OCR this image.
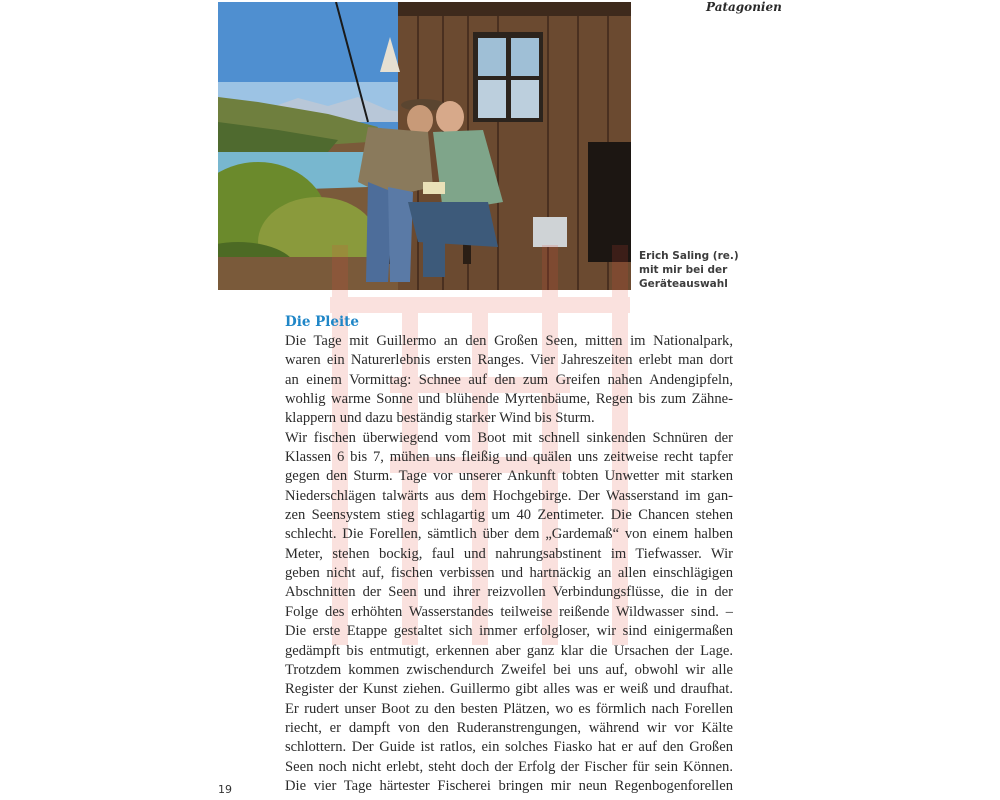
Patagonien
Erich Saling (re.)
mit mir bei der
Geräteauswahl
Die Pleite
Die Tage mit Guillermo an den Großen Seen, mitten im Nationalpark,
waren ein Naturerlebnis ersten Ranges. Vier Jahreszeiten erlebt man dort
an einem Vormittag: Schnee auf den zum Greifen nahen Andengipfeln,
wohlig warme Sonne und blühende Myrtenbäume, Regen bis zum Zähne-
klappern und dazu beständig starker Wind bis Sturm.
Wir fischen überwiegend vom Boot mit schnell sinkenden Schnüren der
Klassen 6 bis 7, mühen uns fleißig und quälen uns zeitweise recht tapfer
gegen den Sturm. Tage vor unserer Ankunft tobten Unwetter mit starken
Niederschlägen talwärts aus dem Hochgebirge. Der Wasserstand im gan-
zen Seensystem stieg schlagartig um 40 Zentimeter. Die Chancen stehen
schlecht. Die Forellen, sämtlich über dem „Gardemaß“ von einem halben
Meter, stehen bockig, faul und nahrungsabstinent im Tiefwasser. Wir
geben nicht auf, fischen verbissen und hartnäckig an allen einschlägigen
Abschnitten der Seen und ihrer reizvollen Verbindungsflüsse, die in der
Folge des erhöhten Wasserstandes teilweise reißende Wildwasser sind. –
Die erste Etappe gestaltet sich immer erfolgloser, wir sind einigermaßen
gedämpft bis entmutigt, erkennen aber ganz klar die Ursachen der Lage.
Trotzdem kommen zwischendurch Zweifel bei uns auf, obwohl wir alle
Register der Kunst ziehen. Guillermo gibt alles was er weiß und draufhat.
Er rudert unser Boot zu den besten Plätzen, wo es förmlich nach Forellen
riecht, er dampft von den Ruderanstrengungen, während wir vor Kälte
schlottern. Der Guide ist ratlos, ein solches Fiasko hat er auf den Großen
Seen noch nicht erlebt, steht doch der Erfolg der Fischer für sein Können.
Die vier Tage härtester Fischerei bringen mir neun Regenbogenforellen
19
